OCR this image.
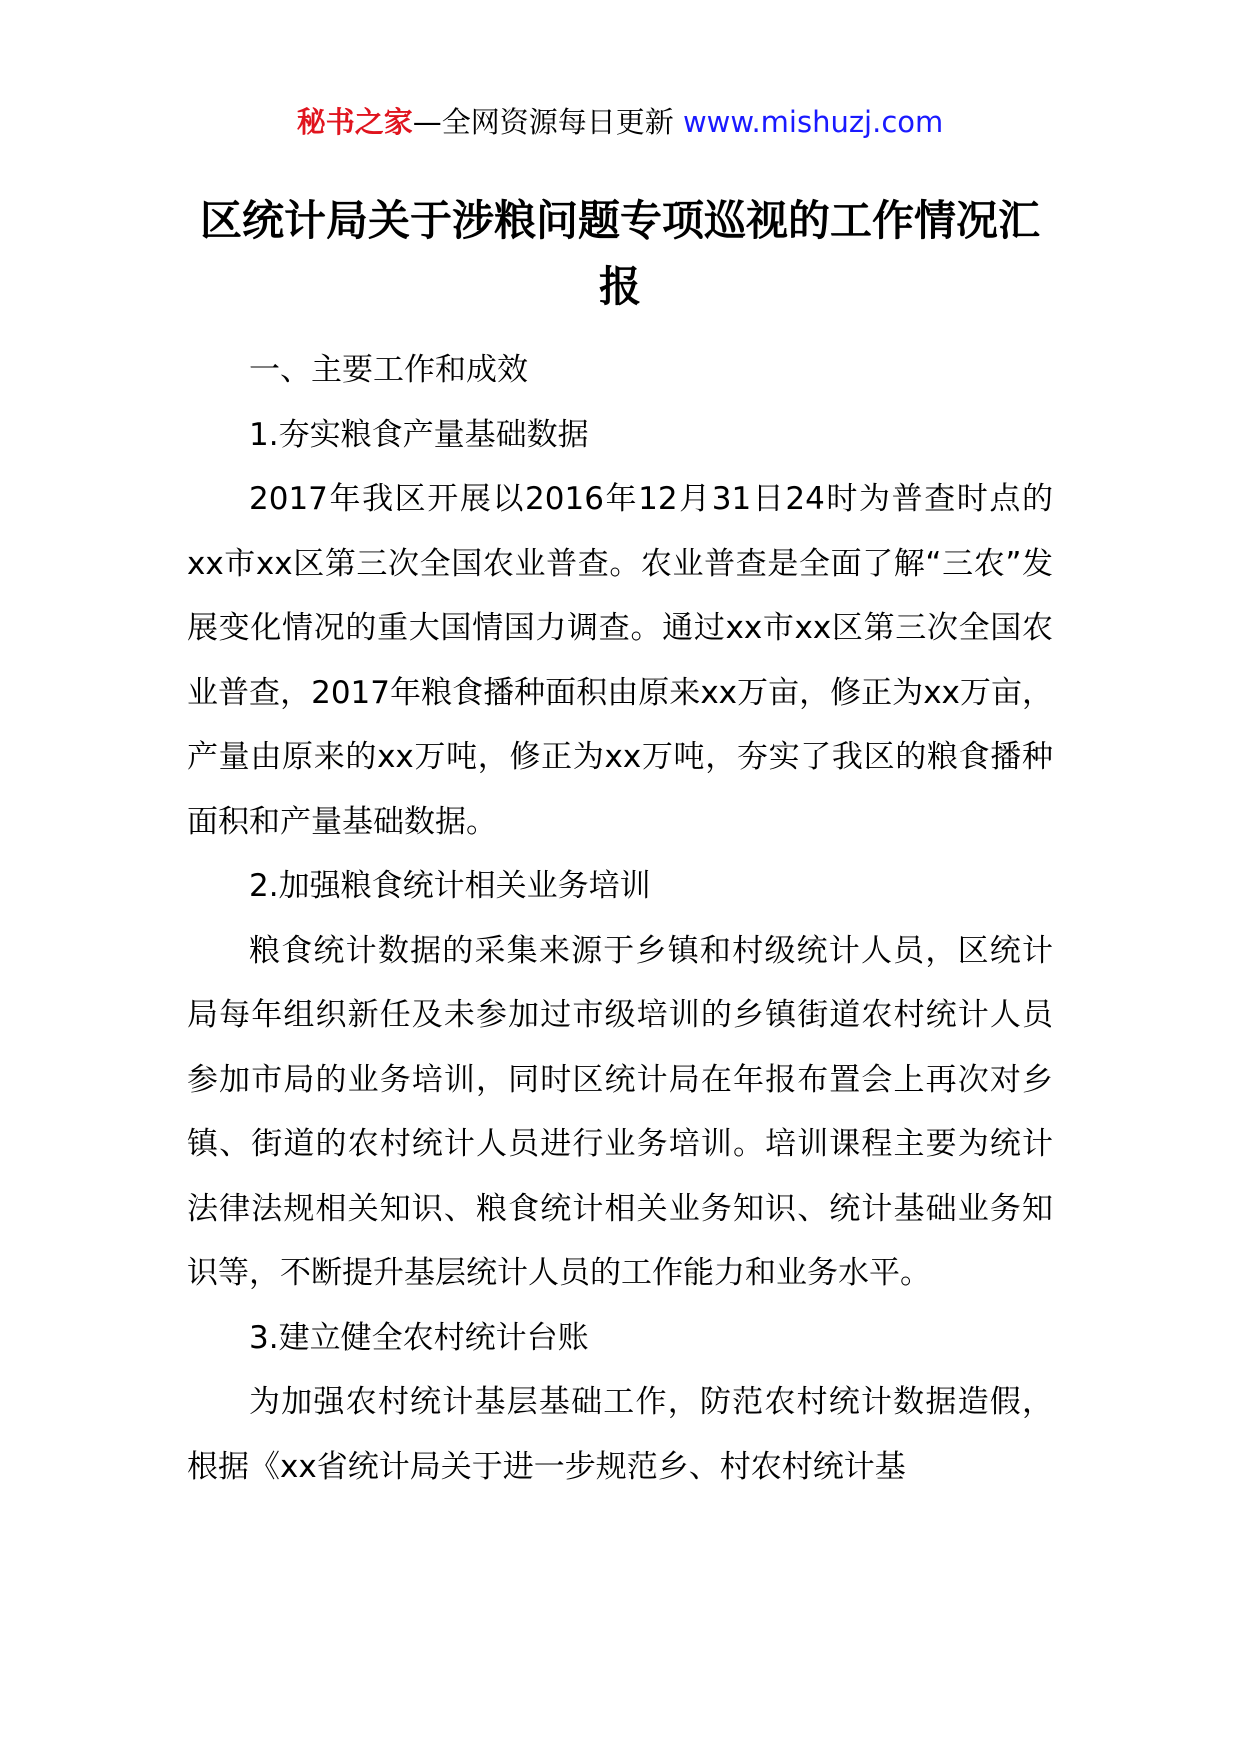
秘书之家—全网资源每日更新 www.mishuzj.com
区统计局关于涉粮问题专项巡视的工作情况汇报

一、主要工作和成效

1.夯实粮食产量基础数据

2017年我区开展以2016年12月31日24时为普查时点的xx市xx区第三次全国农业普查。农业普查是全面了解“三农”发展变化情况的重大国情国力调查。通过xx市xx区第三次全国农业普查，2017年粮食播种面积由原来xx万亩，修正为xx万亩，产量由原来的xx万吨，修正为xx万吨，夯实了我区的粮食播种面积和产量基础数据。

2.加强粮食统计相关业务培训

粮食统计数据的采集来源于乡镇和村级统计人员，区统计局每年组织新任及未参加过市级培训的乡镇街道农村统计人员参加市局的业务培训，同时区统计局在年报布置会上再次对乡镇、街道的农村统计人员进行业务培训。培训课程主要为统计法律法规相关知识、粮食统计相关业务知识、统计基础业务知识等，不断提升基层统计人员的工作能力和业务水平。

3.建立健全农村统计台账

为加强农村统计基层基础工作，防范农村统计数据造假，根据《xx省统计局关于进一步规范乡、村农村统计基
